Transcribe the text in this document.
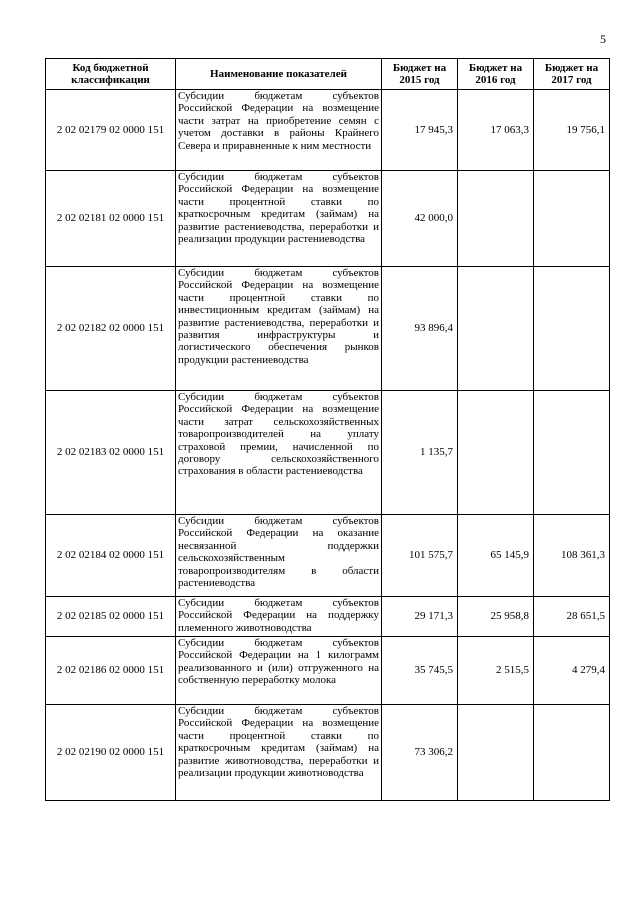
5
Код бюджетной классификации	Наименование показателей	Бюджет на 2015 год	Бюджет на 2016 год	Бюджет на 2017 год
2 02 02179 02 0000 151	Субсидии бюджетам субъектов Российской Федерации на возмещение части затрат на приобретение семян с учетом доставки в районы Крайнего Севера и приравненные к ним местности	17 945,3	17 063,3	19 756,1
2 02 02181 02 0000 151	Субсидии бюджетам субъектов Российской Федерации на возмещение части процентной ставки по краткосрочным кредитам (займам) на развитие растениеводства, переработки и реализации продукции растениеводства	42 000,0		
2 02 02182 02 0000 151	Субсидии бюджетам субъектов Российской Федерации на возмещение части процентной ставки по инвестиционным кредитам (займам) на развитие растениеводства, переработки и развития инфраструктуры и логистического обеспечения рынков продукции растениеводства	93 896,4		
2 02 02183 02 0000 151	Субсидии бюджетам субъектов Российской Федерации на возмещение части затрат сельскохозяйственных товаропроизводителей на уплату страховой премии, начисленной по договору сельскохозяйственного страхования в области растениеводства	1 135,7		
2 02 02184 02 0000 151	Субсидии бюджетам субъектов Российской Федерации на оказание несвязанной поддержки сельскохозяйственным товаропроизводителям в области растениеводства	101 575,7	65 145,9	108 361,3
2 02 02185 02 0000 151	Субсидии бюджетам субъектов Российской Федерации на поддержку племенного животноводства	29 171,3	25 958,8	28 651,5
2 02 02186 02 0000 151	Субсидии бюджетам субъектов Российской Федерации на 1 килограмм реализованного и (или) отгруженного на собственную переработку молока	35 745,5	2 515,5	4 279,4
2 02 02190 02 0000 151	Субсидии бюджетам субъектов Российской Федерации на возмещение части процентной ставки по краткосрочным кредитам (займам) на развитие животноводства, переработки и реализации продукции животноводства	73 306,2		
